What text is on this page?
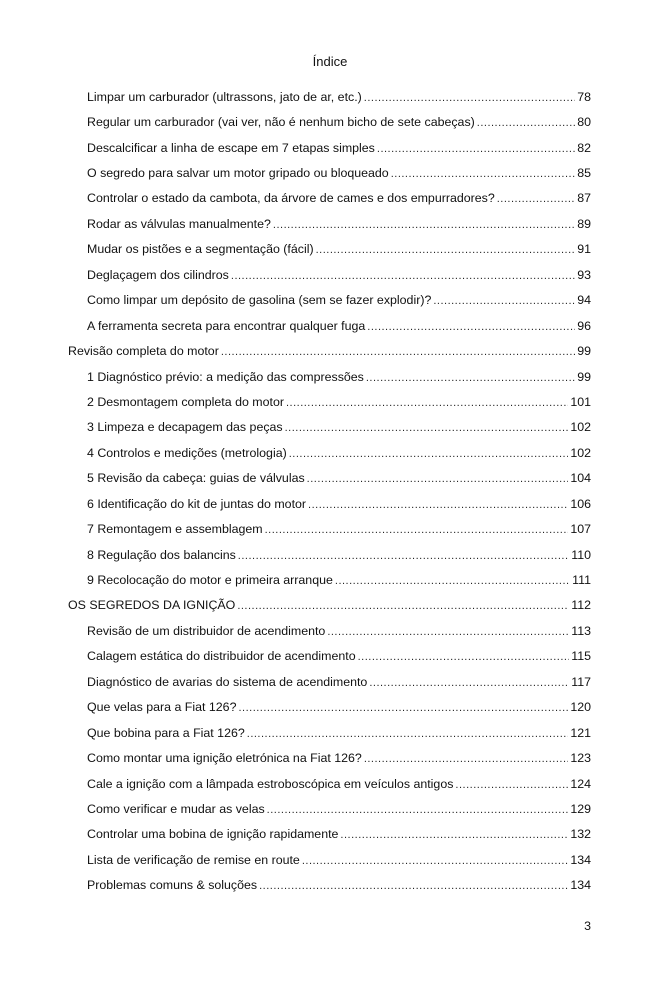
Índice
Limpar um carburador (ultrassons, jato de ar, etc.) .....	78
Regular um carburador (vai ver, não é nenhum bicho de sete cabeças) .....	80
Descalcificar a linha de escape em 7 etapas simples .....	82
O segredo para salvar um motor gripado ou bloqueado .....	85
Controlar o estado da cambota, da árvore de cames e dos empurradores? .....	87
Rodar as válvulas manualmente? .....	89
Mudar os pistões e a segmentação (fácil) .....	91
Deglaçagem dos cilindros .....	93
Como limpar um depósito de gasolina (sem se fazer explodir)? .....	94
A ferramenta secreta para encontrar qualquer fuga .....	96
Revisão completa do motor .....	99
1 Diagnóstico prévio: a medição das compressões .....	99
2 Desmontagem completa do motor .....	101
3 Limpeza e decapagem das peças .....	102
4 Controlos e medições (metrologia) .....	102
5 Revisão da cabeça: guias de válvulas .....	104
6 Identificação do kit de juntas do motor .....	106
7 Remontagem e assemblagem .....	107
8 Regulação dos balancins .....	110
9 Recolocação do motor e primeira arranque .....	111
OS SEGREDOS DA IGNIÇÃO .....	112
Revisão de um distribuidor de acendimento .....	113
Calagem estática do distribuidor de acendimento .....	115
Diagnóstico de avarias do sistema de acendimento .....	117
Que velas para a Fiat 126? .....	120
Que bobina para a Fiat 126? .....	121
Como montar uma ignição eletrónica na Fiat 126? .....	123
Cale a ignição com a lâmpada estroboscópica em veículos antigos .....	124
Como verificar e mudar as velas .....	129
Controlar uma bobina de ignição rapidamente .....	132
Lista de verificação de remise en route .....	134
Problemas comuns & soluções .....	134
3
